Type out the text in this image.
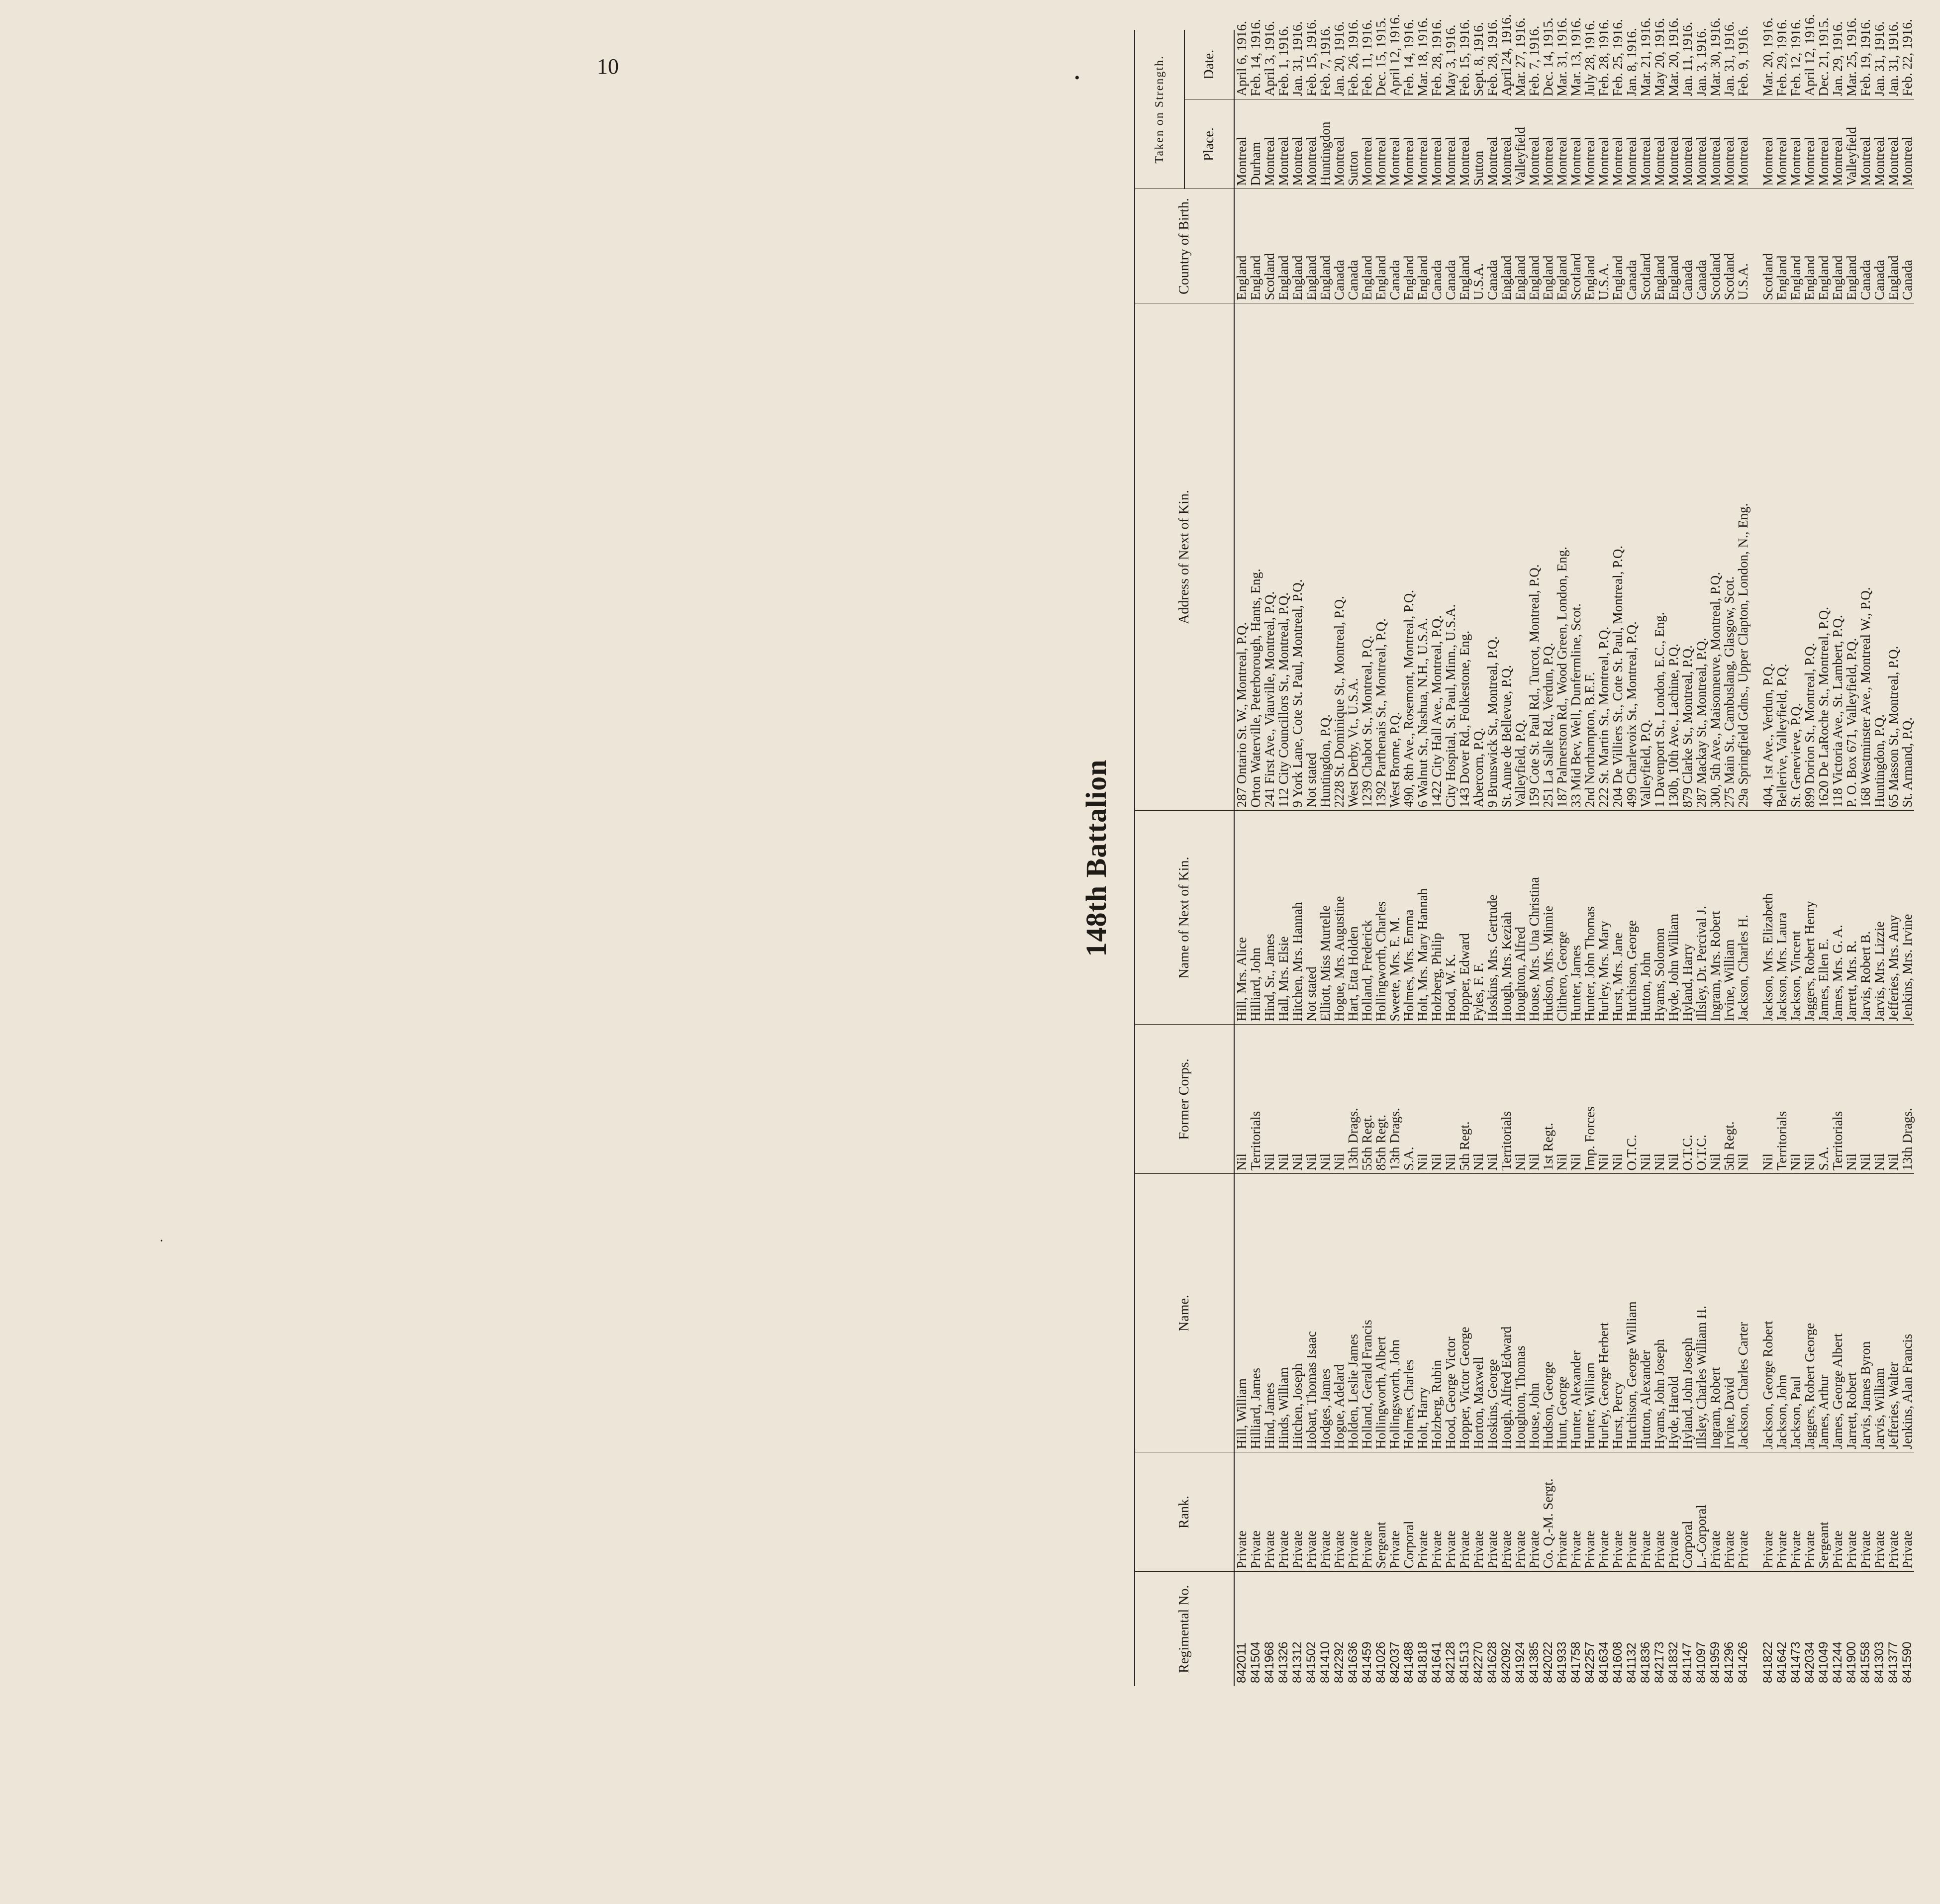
10	•
·
148th Battalion
Regimental No.	Rank.	Name.	Former Corps.	Name of Next of Kin.	Address of Next of Kin.	Country of Birth.	Taken on Strength.	
							Place.	Date.
842011	Private	Hill, William	Nil	Hill, Mrs. Alice	287 Ontario St. W., Montreal, P.Q.	England	Montreal	April 6, 1916.
841504	Private	Hilliard, James	Territorials	Hilliard, John	Orton Waterville, Peterborough, Hants, Eng.	England	Durham	Feb. 14, 1916.
841968	Private	Hind, James	Nil	Hind, Sr., James	241 First Ave., Viauville, Montreal, P.Q.	Scotland	Montreal	April 3, 1916.
841326	Private	Hinds, William	Nil	Hall, Mrs. Elsie	112 City Councillors St., Montreal, P.Q.	England	Montreal	Feb. 1, 1916.
841312	Private	Hitchen, Joseph	Nil	Hitchen, Mrs. Hannah	9 York Lane, Cote St. Paul, Montreal, P.Q.	England	Montreal	Jan. 31, 1916.
841502	Private	Hobart, Thomas Isaac	Nil	Not stated	Not stated	England	Montreal	Feb. 15, 1916.
841410	Private	Hodges, James	Nil	Elliott, Miss Murtelle	Huntingdon, P.Q.	England	Huntingdon	Feb. 7, 1916.
842292	Private	Hogue, Adelard	Nil	Hogue, Mrs. Augustine	2228 St. Dominique St., Montreal, P.Q.	Canada	Montreal	Jan. 20, 1916.
841636	Private	Holden, Leslie James	13th Drags.	Hart, Etta Holden	West Derby, Vt., U.S.A.	Canada	Sutton	Feb. 26, 1916.
841459	Private	Holland, Gerald Francis	55th Regt.	Holland, Frederick	1239 Chabot St., Montreal, P.Q.	England	Montreal	Feb. 11, 1916.
841026	Sergeant	Hollingworth, Albert	85th Regt.	Hollingworth, Charles	1392 Parthenais St., Montreal, P.Q.	England	Montreal	Dec. 15, 1915.
842037	Private	Hollingsworth, John	13th Drags.	Sweete, Mrs. E. M.	West Brome, P.Q.	Canada	Montreal	April 12, 1916.
841488	Corporal	Holmes, Charles	S.A.	Holmes, Mrs. Emma	490, 8th Ave., Rosemont, Montreal, P.Q.	England	Montreal	Feb. 14, 1916.
841818	Private	Holt, Harry	Nil	Holt, Mrs. Mary Hannah	6 Walnut St., Nashua, N.H., U.S.A.	England	Montreal	Mar. 18, 1916.
841641	Private	Holzberg, Rubin	Nil	Holzberg, Philip	1422 City Hall Ave., Montreal, P.Q.	Canada	Montreal	Feb. 28, 1916.
842128	Private	Hood, George Victor	Nil	Hood, W. K.	City Hospital, St. Paul, Minn., U.S.A.	Canada	Montreal	May 3, 1916.
841513	Private	Hopper, Victor George	5th Regt.	Hopper, Edward	143 Dover Rd., Folkestone, Eng.	England	Montreal	Feb. 15, 1916.
842270	Private	Horton, Maxwell	Nil	Fyles, F. F.	Abercorn, P.Q.	U.S.A.	Sutton	Sept. 8, 1916.
841628	Private	Hoskins, George	Nil	Hoskins, Mrs. Gertrude	9 Brunswick St., Montreal, P.Q.	Canada	Montreal	Feb. 28, 1916.
842092	Private	Hough, Alfred Edward	Territorials	Hough, Mrs. Keziah	St. Anne de Bellevue, P.Q.	England	Montreal	April 24, 1916.
841924	Private	Houghton, Thomas	Nil	Houghton, Alfred	Valleyfield, P.Q.	England	Valleyfield	Mar. 27, 1916.
841385	Private	House, John	Nil	House, Mrs. Una Christina	159 Cote St. Paul Rd., Turcot, Montreal, P.Q.	England	Montreal	Feb. 7, 1916.
842022	Co. Q.-M. Sergt.	Hudson, George	1st Regt.	Hudson, Mrs. Minnie	251 La Salle Rd., Verdun, P.Q.	England	Montreal	Dec. 14, 1915.
841933	Private	Hunt, George	Nil	Clithero, George	187 Palmerston Rd., Wood Green, London, Eng.	England	Montreal	Mar. 31, 1916.
841758	Private	Hunter, Alexander	Nil	Hunter, James	33 Mid Bev, Well, Dunfermline, Scot.	Scotland	Montreal	Mar. 13, 1916.
842257	Private	Hunter, William	Imp. Forces	Hunter, John Thomas	2nd Northampton, B.E.F.	England	Montreal	July 28, 1916.
841634	Private	Hurley, George Herbert	Nil	Hurley, Mrs. Mary	222 St. Martin St., Montreal, P.Q.	U.S.A.	Montreal	Feb. 28, 1916.
841608	Private	Hurst, Percy	Nil	Hurst, Mrs. Jane	204 De Villiers St., Cote St. Paul, Montreal, P.Q.	England	Montreal	Feb. 25, 1916.
841132	Private	Hutchison, George William	O.T.C.	Hutchison, George	499 Charlevoix St., Montreal, P.Q.	Canada	Montreal	Jan. 8, 1916.
841836	Private	Hutton, Alexander	Nil	Hutton, John	Valleyfield, P.Q.	Scotland	Montreal	Mar. 21, 1916.
842173	Private	Hyams, John Joseph	Nil	Hyams, Solomon	1 Davenport St., London, E.C., Eng.	England	Montreal	May 20, 1916.
841832	Private	Hyde, Harold	Nil	Hyde, John William	130b, 10th Ave., Lachine, P.Q.	England	Montreal	Mar. 20, 1916.
841147	Corporal	Hyland, John Joseph	O.T.C.	Hyland, Harry	879 Clarke St., Montreal, P.Q.	Canada	Montreal	Jan. 11, 1916.
841097	L.-Corporal	Illsley, Charles William H.	O.T.C.	Illsley, Dr. Percival J.	287 Mackay St., Montreal, P.Q.	Canada	Montreal	Jan. 3, 1916.
841959	Private	Ingram, Robert	Nil	Ingram, Mrs. Robert	300, 5th Ave., Maisonneuve, Montreal, P.Q.	Scotland	Montreal	Mar. 30, 1916.
841296	Private	Irvine, David	5th Regt.	Irvine, William	275 Main St., Cambuslang, Glasgow, Scot.	Scotland	Montreal	Jan. 31, 1916.
841426	Private	Jackson, Charles Carter	Nil	Jackson, Charles H.	29a Springfield Gdns., Upper Clapton, London, N., Eng.	U.S.A.	Montreal	Feb. 9, 1916.

841822	Private	Jackson, George Robert	Nil	Jackson, Mrs. Elizabeth	404, 1st Ave., Verdun, P.Q.	Scotland	Montreal	Mar. 20, 1916.
841642	Private	Jackson, John	Territorials	Jackson, Mrs. Laura	Bellerive, Valleyfield, P.Q.	England	Montreal	Feb. 29, 1916.
841473	Private	Jackson, Paul	Nil	Jackson, Vincent	St. Genevieve, P.Q.	England	Montreal	Feb. 12, 1916.
842034	Private	Jaggers, Robert George	Nil	Jaggers, Robert Henry	899 Dorion St., Montreal, P.Q.	England	Montreal	April 12, 1916.
841049	Sergeant	James, Arthur	S.A.	James, Ellen E.	1620 De LaRoche St., Montreal, P.Q.	England	Montreal	Dec. 21, 1915.
841244	Private	James, George Albert	Territorials	James, Mrs. G. A.	118 Victoria Ave., St. Lambert, P.Q.	England	Montreal	Jan. 29, 1916.
841900	Private	Jarrett, Robert	Nil	Jarrett, Mrs. R.	P. O. Box 671, Valleyfield, P.Q.	England	Valleyfield	Mar. 25, 1916.
841558	Private	Jarvis, James Byron	Nil	Jarvis, Robert B.	168 Westminster Ave., Montreal W., P.Q.	Canada	Montreal	Feb. 19, 1916.
841303	Private	Jarvis, William	Nil	Jarvis, Mrs. Lizzie	Huntingdon, P.Q.	Canada	Montreal	Jan. 31, 1916.
841377	Private	Jefferies, Walter	Nil	Jefferies, Mrs. Amy	65 Masson St., Montreal, P.Q.	England	Montreal	Jan. 31, 1916.
841590	Private	Jenkins, Alan Francis	13th Drags.	Jenkins, Mrs. Irvine	St. Armand, P.Q.	Canada	Montreal	Feb. 22, 1916.
